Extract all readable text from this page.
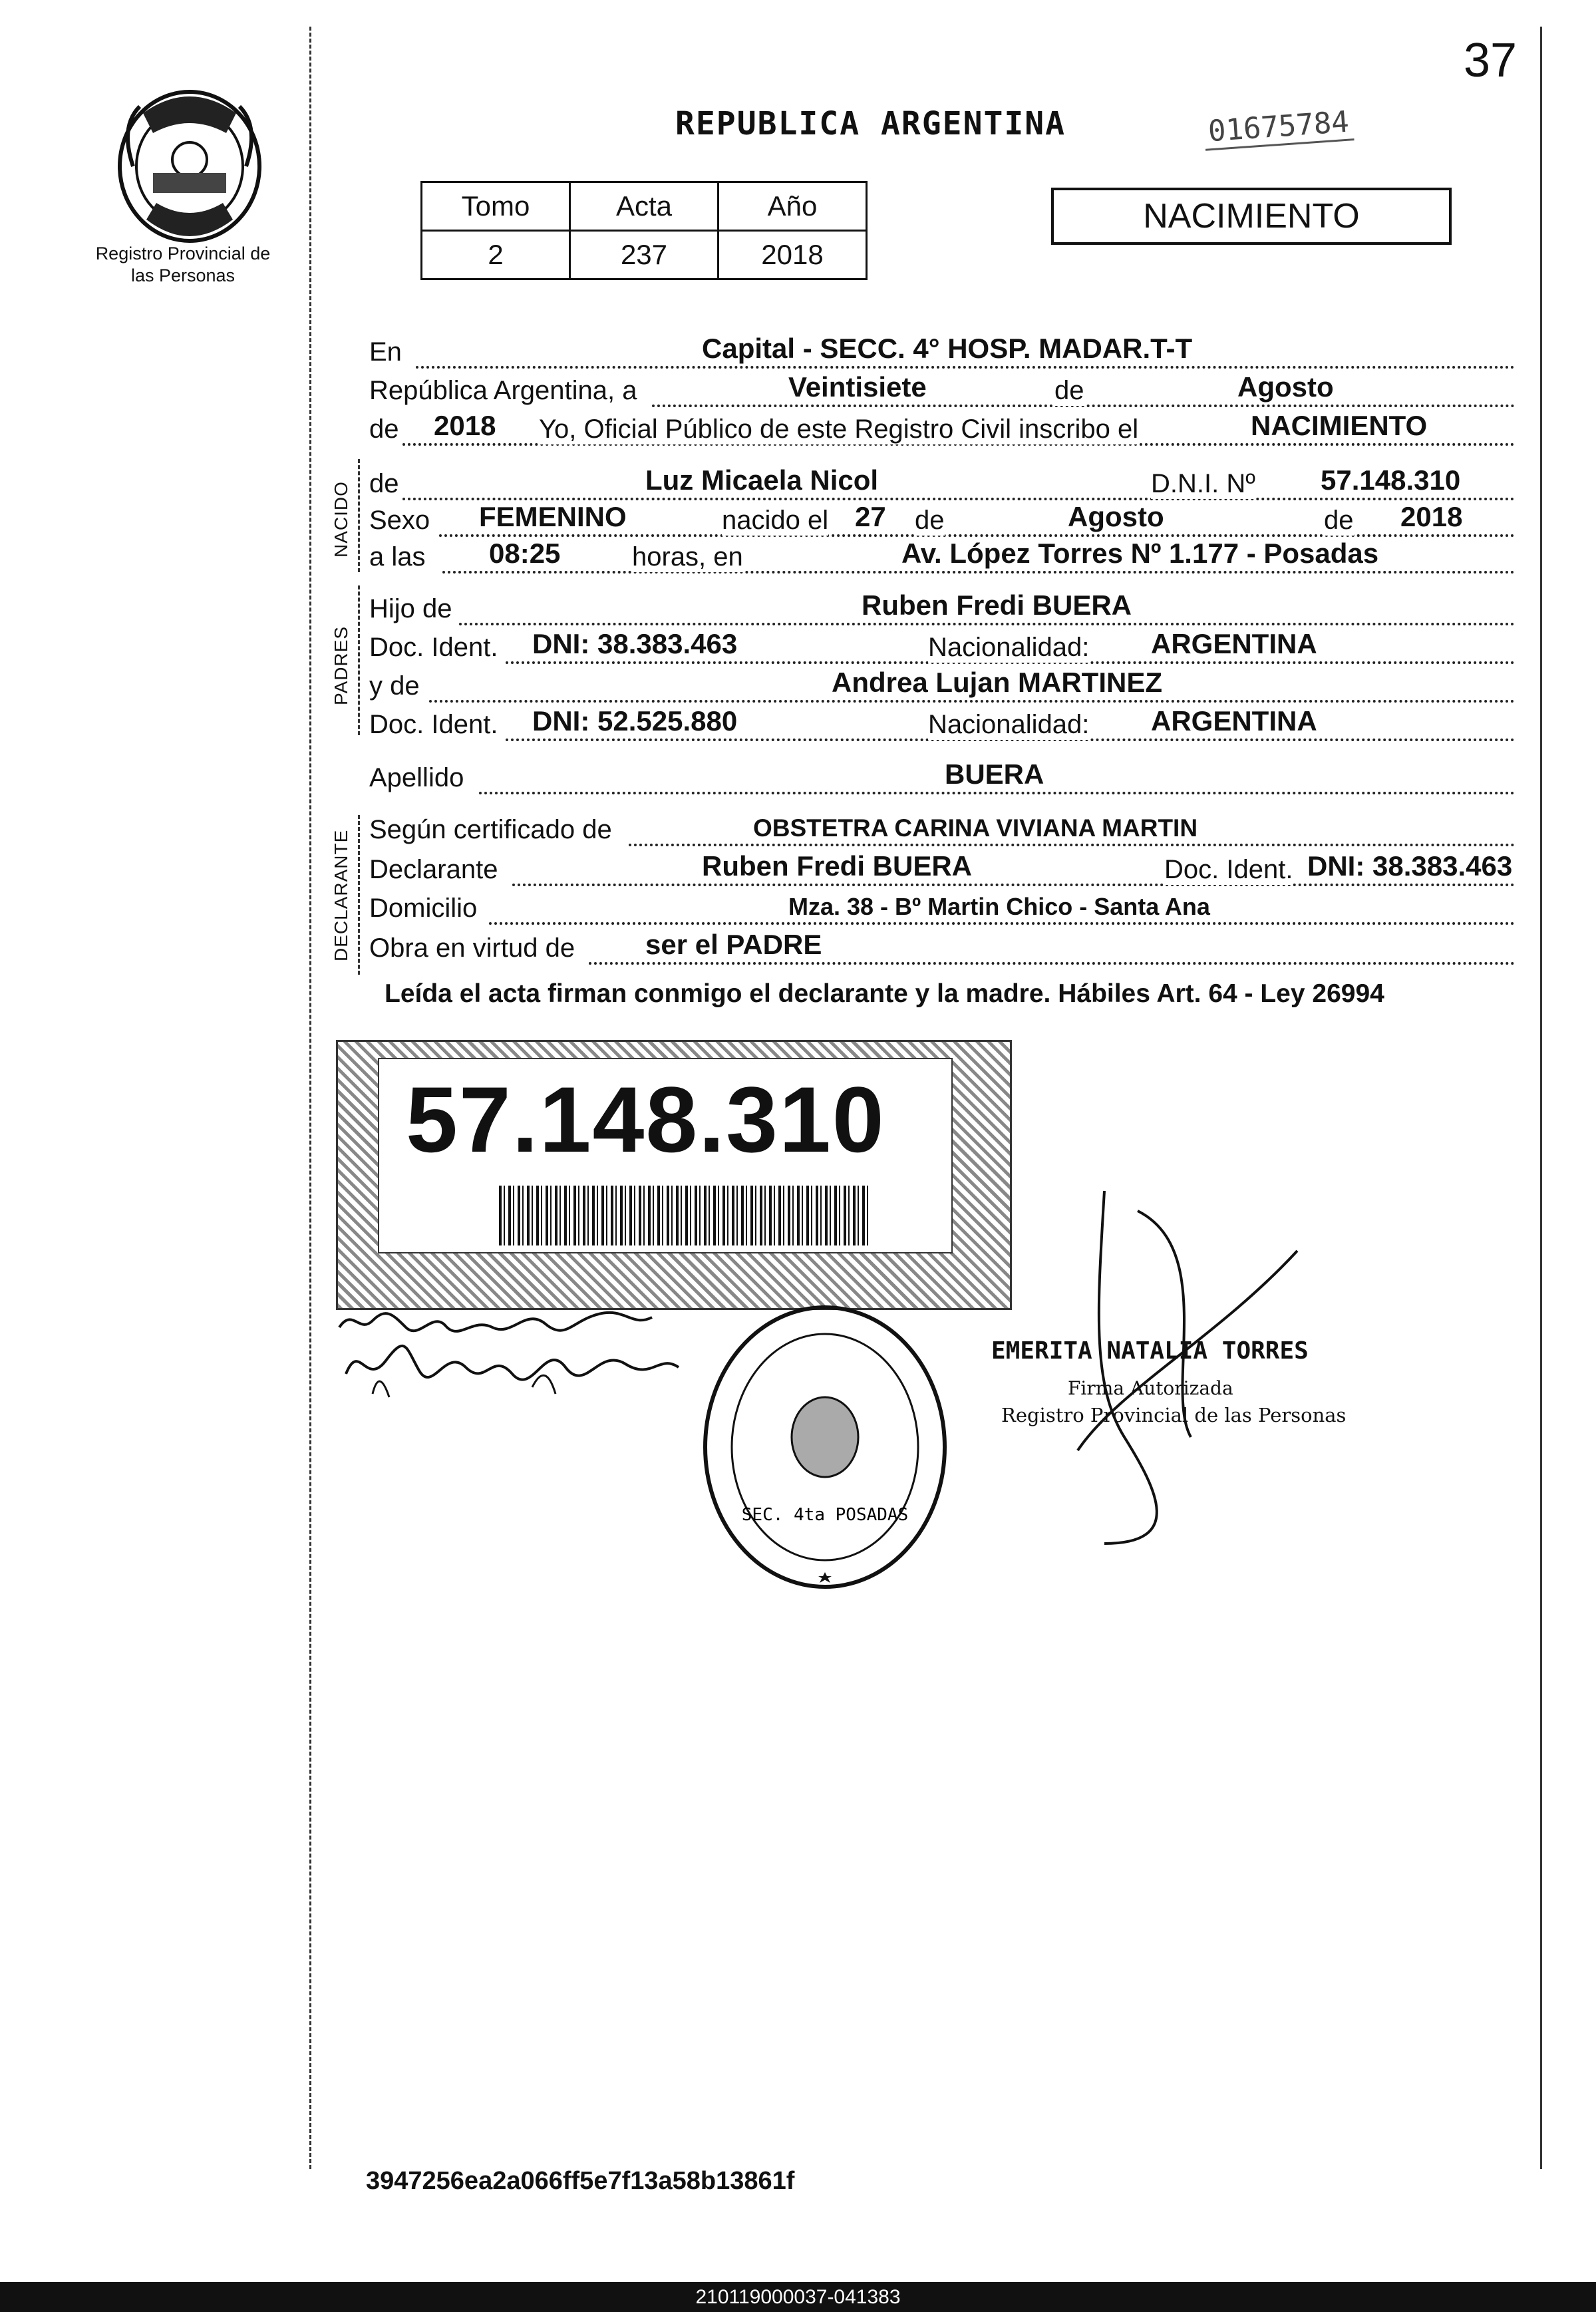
37
Registro Provincial de las Personas
REPUBLICA ARGENTINA	01675784
Tomo	Acta	Año
2	237	2018
NACIMIENTO
En	Capital - SECC. 4° HOSP. MADAR.T-T
República Argentina, a	Veintisiete	de	Agosto
de 2018 Yo, Oficial Público de este Registro Civil inscribo el	NACIMIENTO
NACIDO de	Luz Micaela Nicol	D.N.I. Nº 57.148.310
Sexo FEMENINO	nacido el 27 de	Agosto	de 2018
a las 08:25	horas, en	Av. López Torres Nº 1.177 - Posadas
PADRES
Hijo de	Ruben Fredi BUERA
Doc. Ident. DNI: 38.383.463	Nacionalidad: ARGENTINA
y de	Andrea Lujan MARTINEZ
Doc. Ident. DNI: 52.525.880	Nacionalidad: ARGENTINA
Apellido	BUERA
DECLARANTE Según certificado de	OBSTETRA CARINA VIVIANA MARTIN
Declarante	Ruben Fredi BUERA	Doc. Ident. DNI: 38.383.463
Domicilio	Mza. 38 - Bº Martin Chico - Santa Ana
Obra en virtud de	ser el PADRE
Leída el acta firman conmigo el declarante y la madre. Hábiles Art. 64 - Ley 26994
57.148.310
SEC. 4ta POSADAS
EMERITA NATALIA TORRES
Firma Autorizada
Registro Provincial de las Personas
3947256ea2a066ff5e7f13a58b13861f
210119000037-041383
